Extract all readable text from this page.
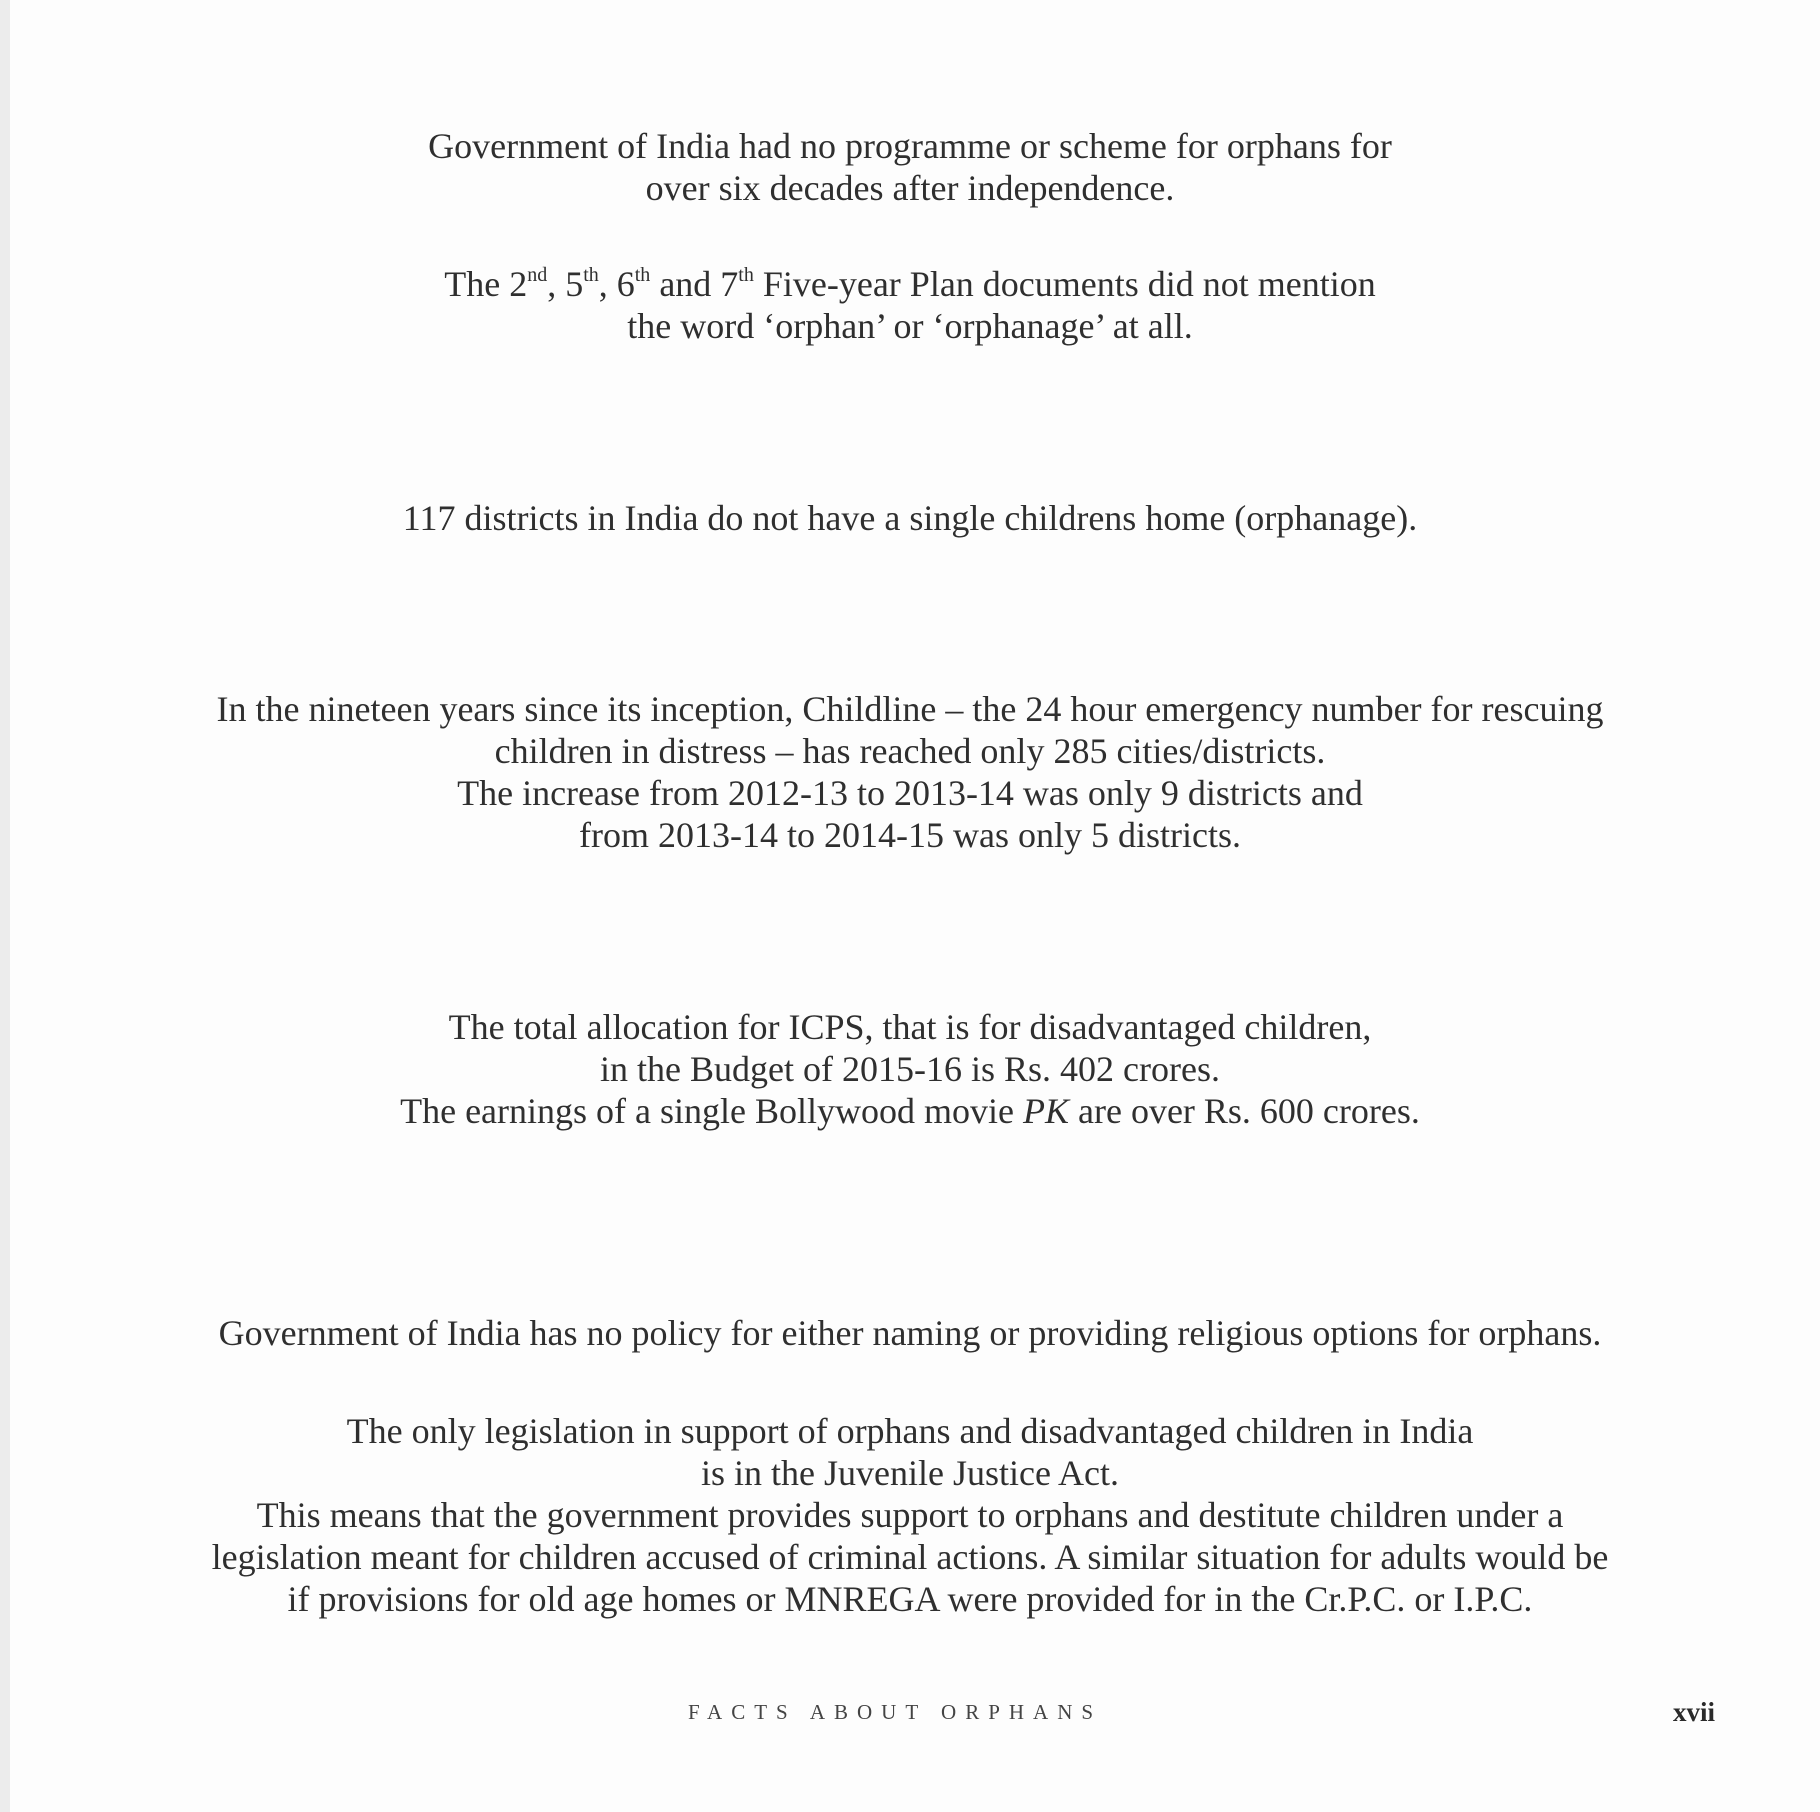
Government of India had no programme or scheme for orphans for

over six decades after independence.

The 2nd, 5th, 6th and 7th Five-year Plan documents did not mention

the word ‘orphan’ or ‘orphanage’ at all.

117 districts in India do not have a single childrens home (orphanage).

In the nineteen years since its inception, Childline – the 24 hour emergency number for rescuing

children in distress – has reached only 285 cities/districts.

The increase from 2012-13 to 2013-14 was only 9 districts and

from 2013-14 to 2014-15 was only 5 districts.

The total allocation for ICPS, that is for disadvantaged children,

in the Budget of 2015-16 is Rs. 402 crores.

The earnings of a single Bollywood movie PK are over Rs. 600 crores.

Government of India has no policy for either naming or providing religious options for orphans.

The only legislation in support of orphans and disadvantaged children in India

is in the Juvenile Justice Act.

This means that the government provides support to orphans and destitute children under a

legislation meant for children accused of criminal actions. A similar situation for adults would be

if provisions for old age homes or MNREGA were provided for in the Cr.P.C. or I.P.C.

FACTS ABOUT ORPHANS	xvii
